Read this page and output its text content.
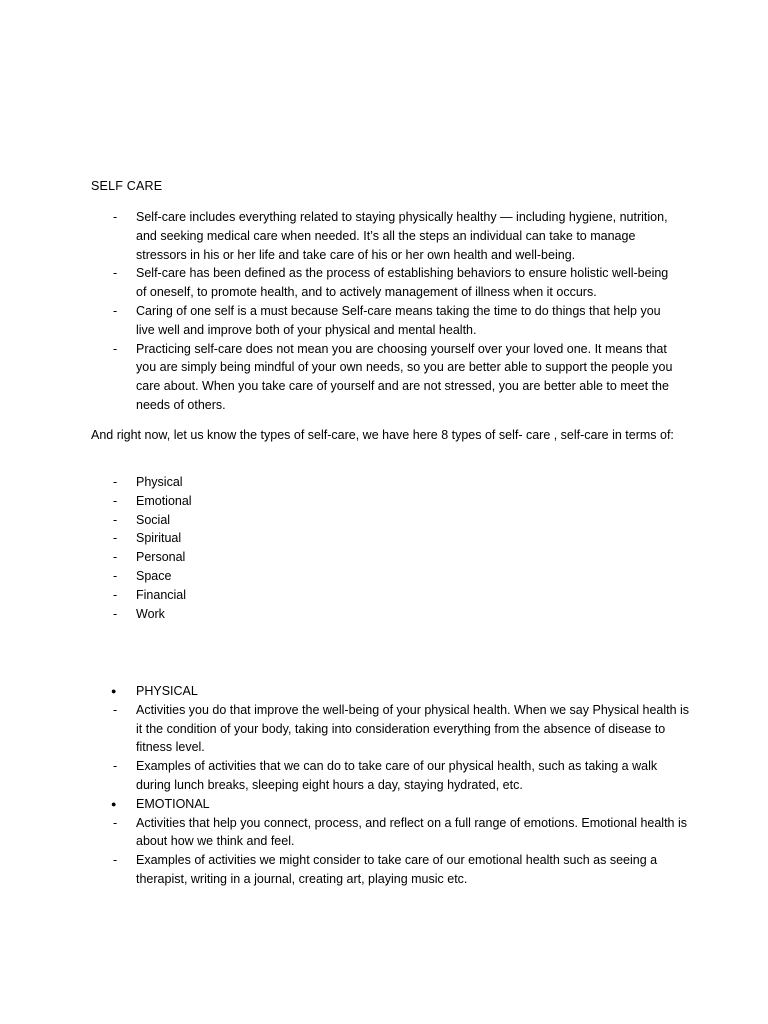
SELF CARE
- Self-care includes everything related to staying physically healthy — including hygiene, nutrition, and seeking medical care when needed. It’s all the steps an individual can take to manage stressors in his or her life and take care of his or her own health and well-being.
- Self-care has been defined as the process of establishing behaviors to ensure holistic well-being of oneself, to promote health, and to actively management of illness when it occurs.
- Caring of one self is a must because Self-care means taking the time to do things that help you live well and improve both of your physical and mental health.
- Practicing self-care does not mean you are choosing yourself over your loved one. It means that you are simply being mindful of your own needs, so you are better able to support the people you care about. When you take care of yourself and are not stressed, you are better able to meet the needs of others.

And right now, let us know the types of self-care, we have here 8 types of self- care , self-care in terms of:

- Physical
- Emotional
- Social
- Spiritual
- Personal
- Space
- Financial
- Work
● PHYSICAL
- Activities you do that improve the well-being of your physical health. When we say Physical health is it the condition of your body, taking into consideration everything from the absence of disease to fitness level.
- Examples of activities that we can do to take care of our physical health, such as taking a walk during lunch breaks, sleeping eight hours a day, staying hydrated, etc.
● EMOTIONAL
- Activities that help you connect, process, and reflect on a full range of emotions. Emotional health is about how we think and feel.
- Examples of activities we might consider to take care of our emotional health such as seeing a therapist, writing in a journal, creating art, playing music etc.
